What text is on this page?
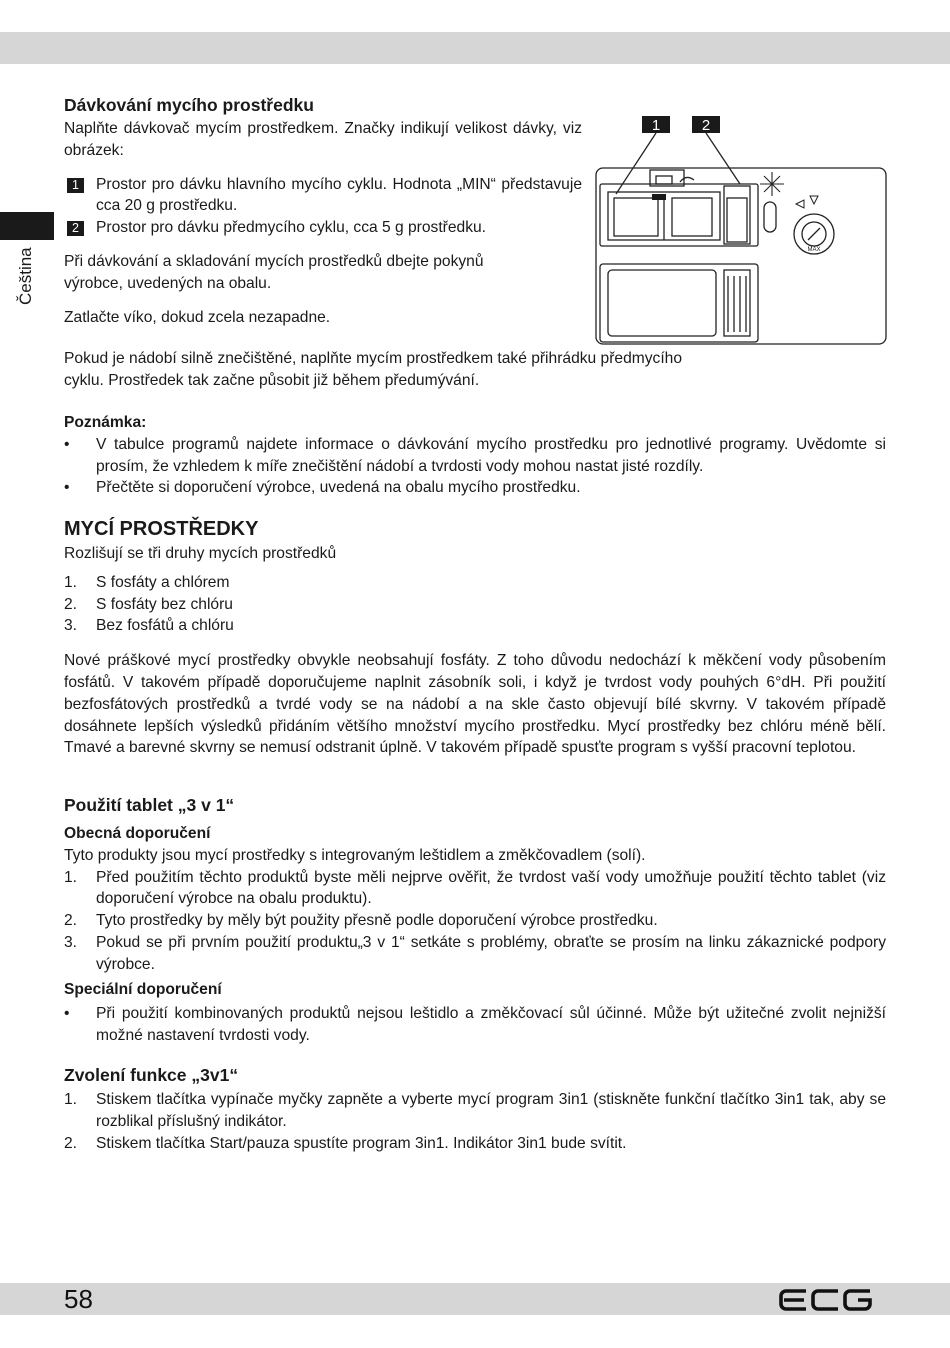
Čeština
Dávkování mycího prostředku

Naplňte dávkovač mycím prostředkem. Značky indikují velikost dávky, viz obrázek:

1	Prostor pro dávku hlavního mycího cyklu. Hodnota „MIN“ představuje cca 20 g prostředku.
2	Prostor pro dávku předmycího cyklu, cca 5 g prostředku.

Při dávkování a skladování mycích prostředků dbejte pokynů výrobce, uvedených na obalu.

Zatlačte víko, dokud zcela nezapadne.

Pokud je nádobí silně znečištěné, naplňte mycím prostředkem také přihrádku předmycího cyklu. Prostředek tak začne působit již během předumývání.

1	2
MAX
Poznámka:
• V tabulce programů najdete informace o dávkování mycího prostředku pro jednotlivé programy. Uvědomte si prosím, že vzhledem k míře znečištění nádobí a tvrdosti vody mohou nastat jisté rozdíly.
• Přečtěte si doporučení výrobce, uvedená na obalu mycího prostředku.
MYCÍ PROSTŘEDKY

Rozlišují se tři druhy mycích prostředků

1. S fosfáty a chlórem
2. S fosfáty bez chlóru
3. Bez fosfátů a chlóru

Nové práškové mycí prostředky obvykle neobsahují fosfáty. Z toho důvodu nedochází k měkčení vody působením fosfátů. V takovém případě doporučujeme naplnit zásobník soli, i když je tvrdost vody pouhých 6°dH. Při použití bezfosfátových prostředků a tvrdé vody se na nádobí a na skle často objevují bílé skvrny. V takovém případě dosáhnete lepších výsledků přidáním většího množství mycího prostředku. Mycí prostředky bez chlóru méně bělí. Tmavé a barevné skvrny se nemusí odstranit úplně. V takovém případě spusťte program s vyšší pracovní teplotou.

Použití tablet „3 v 1“
Obecná doporučení

Tyto produkty jsou mycí prostředky s integrovaným leštidlem a změkčovadlem (solí).

1. Před použitím těchto produktů byste měli nejprve ověřit, že tvrdost vaší vody umožňuje použití těchto tablet (viz doporučení výrobce na obalu produktu).
2. Tyto prostředky by měly být použity přesně podle doporučení výrobce prostředku.
3. Pokud se při prvním použití produktu„3 v 1“ setkáte s problémy, obraťte se prosím na linku zákaznické podpory výrobce.
Speciální doporučení
• Při použití kombinovaných produktů nejsou leštidlo a změkčovací sůl účinné. Může být užitečné zvolit nejnižší možné nastavení tvrdosti vody.
Zvolení funkce „3v1“
1. Stiskem tlačítka vypínače myčky zapněte a vyberte mycí program 3in1 (stiskněte funkční tlačítko 3in1 tak, aby se rozblikal příslušný indikátor.
2. Stiskem tlačítka Start/pauza spustíte program 3in1. Indikátor 3in1 bude svítit.
58
